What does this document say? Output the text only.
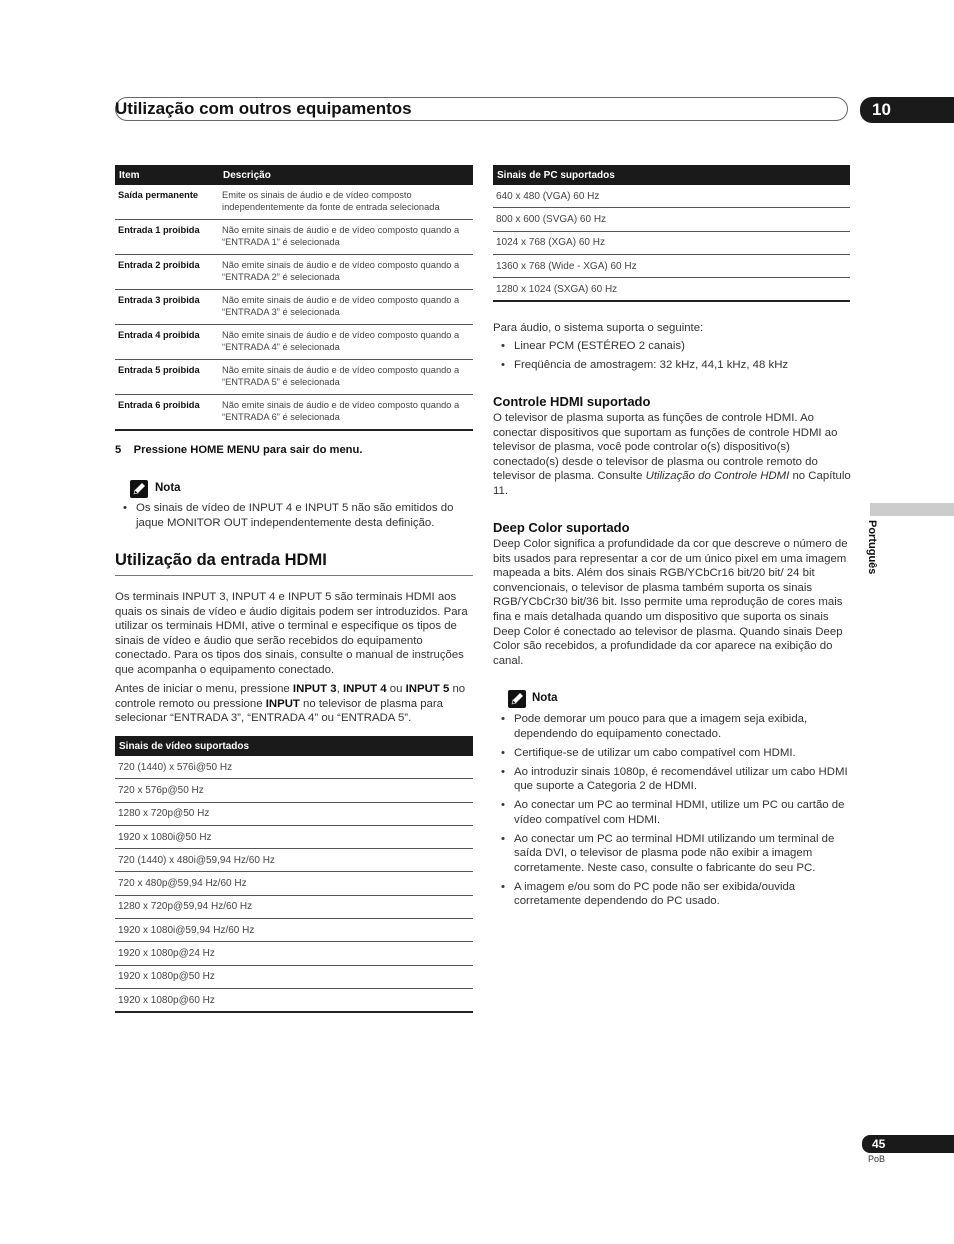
Utilização com outros equipamentos	10
Item	Descrição
Saída permanente	Emite os sinais de áudio e de vídeo composto independentemente da fonte de entrada selecionada
Entrada 1 proibida	Não emite sinais de áudio e de vídeo composto quando a “ENTRADA 1” é selecionada
Entrada 2 proibida	Não emite sinais de áudio e de vídeo composto quando a “ENTRADA 2” é selecionada
Entrada 3 proibida	Não emite sinais de áudio e de vídeo composto quando a “ENTRADA 3” é selecionada
Entrada 4 proibida	Não emite sinais de áudio e de vídeo composto quando a “ENTRADA 4” é selecionada
Entrada 5 proibida	Não emite sinais de áudio e de vídeo composto quando a “ENTRADA 5” é selecionada
Entrada 6 proibida	Não emite sinais de áudio e de vídeo composto quando a “ENTRADA 6” é selecionada
5 Pressione HOME MENU para sair do menu.
Nota
• Os sinais de vídeo de INPUT 4 e INPUT 5 não são emitidos do jaque MONITOR OUT independentemente desta definição.
Utilização da entrada HDMI
Os terminais INPUT 3, INPUT 4 e INPUT 5 são terminais HDMI aos quais os sinais de vídeo e áudio digitais podem ser introduzidos. Para utilizar os terminais HDMI, ative o terminal e especifique os tipos de sinais de vídeo e áudio que serão recebidos do equipamento conectado. Para os tipos dos sinais, consulte o manual de instruções que acompanha o equipamento conectado.
Antes de iniciar o menu, pressione INPUT 3, INPUT 4 ou INPUT 5 no controle remoto ou pressione INPUT no televisor de plasma para selecionar “ENTRADA 3”, “ENTRADA 4” ou “ENTRADA 5”.
Sinais de vídeo suportados
720 (1440) x 576i@50 Hz
720 x 576p@50 Hz
1280 x 720p@50 Hz
1920 x 1080i@50 Hz
720 (1440) x 480i@59,94 Hz/60 Hz
720 x 480p@59,94 Hz/60 Hz
1280 x 720p@59,94 Hz/60 Hz
1920 x 1080i@59,94 Hz/60 Hz
1920 x 1080p@24 Hz
1920 x 1080p@50 Hz
1920 x 1080p@60 Hz
Sinais de PC suportados
640 x 480 (VGA) 60 Hz
800 x 600 (SVGA) 60 Hz
1024 x 768 (XGA) 60 Hz
1360 x 768 (Wide - XGA) 60 Hz
1280 x 1024 (SXGA) 60 Hz
Para áudio, o sistema suporta o seguinte:
• Linear PCM (ESTÉREO 2 canais)
• Freqüência de amostragem: 32 kHz, 44,1 kHz, 48 kHz
Controle HDMI suportado
O televisor de plasma suporta as funções de controle HDMI. Ao conectar dispositivos que suportam as funções de controle HDMI ao televisor de plasma, você pode controlar o(s) dispositivo(s) conectado(s) desde o televisor de plasma ou controle remoto do televisor de plasma. Consulte Utilização do Controle HDMI no Capítulo 11.
Deep Color suportado
Deep Color significa a profundidade da cor que descreve o número de bits usados para representar a cor de um único pixel em uma imagem mapeada a bits. Além dos sinais RGB/YCbCr16 bit/20 bit/ 24 bit convencionais, o televisor de plasma também suporta os sinais RGB/YCbCr30 bit/36 bit. Isso permite uma reprodução de cores mais fina e mais detalhada quando um dispositivo que suporta os sinais Deep Color é conectado ao televisor de plasma. Quando sinais Deep Color são recebidos, a profundidade da cor aparece na exibição do canal.
Nota
• Pode demorar um pouco para que a imagem seja exibida, dependendo do equipamento conectado.
• Certifique-se de utilizar um cabo compatível com HDMI.
• Ao introduzir sinais 1080p, é recomendável utilizar um cabo HDMI que suporte a Categoria 2 de HDMI.
• Ao conectar um PC ao terminal HDMI, utilize um PC ou cartão de vídeo compatível com HDMI.
• Ao conectar um PC ao terminal HDMI utilizando um terminal de saída DVI, o televisor de plasma pode não exibir a imagem corretamente. Neste caso, consulte o fabricante do seu PC.
• A imagem e/ou som do PC pode não ser exibida/ouvida corretamente dependendo do PC usado.
Português
45
PoB
